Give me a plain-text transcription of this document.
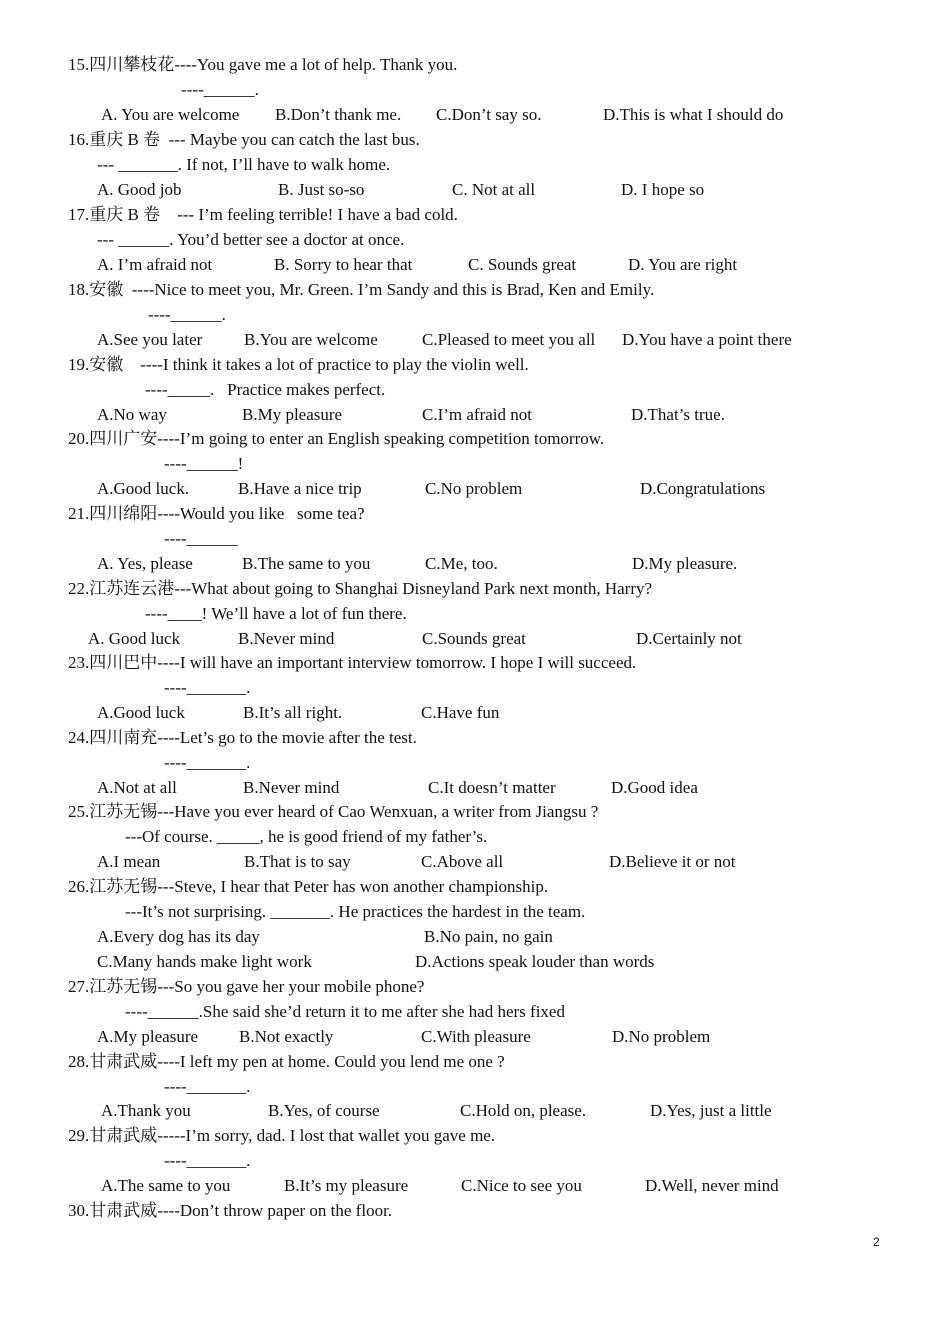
15.四川攀枝花----You gave me a lot of help. Thank you.
----______.
A. You are welcome B.Don’t thank me. C.Don’t say so.	D.This is what I should do
16.重庆 B 卷  --- Maybe you can catch the last bus.
--- _______. If not, I’ll have to walk home.
A. Good job	B. Just so-so	C. Not at all	D. I hope so
17.重庆 B 卷    --- I’m feeling terrible! I have a bad cold.
--- ______. You’d better see a doctor at once.
A. I’m afraid not	B. Sorry to hear that	C. Sounds great	D. You are right
18.安徽  ----Nice to meet you, Mr. Green. I’m Sandy and this is Brad, Ken and Emily.
----______.
A.See you later B.You are welcome	C.Pleased to meet you all D.You have a point there
19.安徽    ----I think it takes a lot of practice to play the violin well.
----_____.   Practice makes perfect.
A.No way	B.My pleasure	C.I’m afraid not	D.That’s true.
20.四川广安----I’m going to enter an English speaking competition tomorrow.
----______!
A.Good luck.	B.Have a nice trip	C.No problem	D.Congratulations
21.四川绵阳----Would you like   some tea?
----______
A. Yes, please	B.The same to you	C.Me, too.	D.My pleasure.
22.江苏连云港---What about going to Shanghai Disneyland Park next month, Harry?
----____! We’ll have a lot of fun there.
A. Good luck	B.Never mind	C.Sounds great	D.Certainly not
23.四川巴中----I will have an important interview tomorrow. I hope I will succeed.
----_______.
A.Good luck	B.It’s all right.	C.Have fun
24.四川南充----Let’s go to the movie after the test.
----_______.
A.Not at all	B.Never mind	C.It doesn’t matter	D.Good idea
25.江苏无锡---Have you ever heard of Cao Wenxuan, a writer from Jiangsu ?
---Of course. _____, he is good friend of my father’s.
A.I mean	B.That is to say	C.Above all	D.Believe it or not
26.江苏无锡---Steve, I hear that Peter has won another championship.
---It’s not surprising. _______. He practices the hardest in the team.
A.Every dog has its day	B.No pain, no gain
C.Many hands make light work	D.Actions speak louder than words
27.江苏无锡---So you gave her your mobile phone?
----______.She said she’d return it to me after she had hers fixed
A.My pleasure B.Not exactly	C.With pleasure	D.No problem
28.甘肃武威----I left my pen at home. Could you lend me one ?
----_______.
A.Thank you	B.Yes, of course	C.Hold on, please.	D.Yes, just a little
29.甘肃武威-----I’m sorry, dad. I lost that wallet you gave me.
----_______.
A.The same to you	B.It’s my pleasure	C.Nice to see you	D.Well, never mind
30.甘肃武威----Don’t throw paper on the floor.
2
